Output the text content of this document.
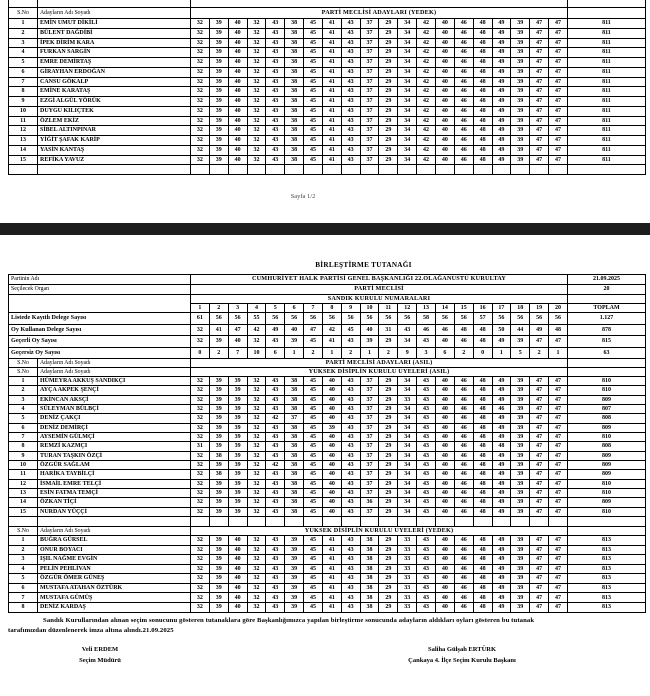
S.No	Adayların Adı Soyadı	PARTİ MECLİSİ ADAYLARI (YEDEK)																				
1	EMİN UMUT DİKİLİ	32	39	40	32	43	38	45	41	43	37	29	34	42	40	46	48	49	39	47	47	811
2	BÜLENT DAĞDİBİ	32	39	40	32	43	38	45	41	43	37	29	34	42	40	46	48	49	39	47	47	811
3	İPEK DİRİM KARA	32	39	40	32	43	38	45	41	43	37	29	34	42	40	46	48	49	39	47	47	811
4	FURKAN SARGİN	32	39	40	32	43	38	45	41	43	37	29	34	42	40	46	48	49	39	47	47	811
5	EMRE DEMİRTAŞ	32	39	40	32	43	38	45	41	43	37	29	34	42	40	46	48	49	39	47	47	811
6	GİRAYHAN ERDOĞAN	32	39	40	32	43	38	45	41	43	37	29	34	42	40	46	48	49	39	47	47	811
7	CANSU GÖKALP	32	39	40	32	43	38	45	41	43	37	29	34	42	40	46	48	49	39	47	47	811
8	EMİNE KARATAŞ	32	39	40	32	43	38	45	41	43	37	29	34	42	40	46	48	49	39	47	47	811
9	EZGİ ALGÜL YÖRÜK	32	39	40	32	43	38	45	41	43	37	29	34	42	40	46	48	49	39	47	47	811
10	DUYGU KILIÇTEK	32	39	40	32	43	38	45	41	43	37	29	34	42	40	46	48	49	39	47	47	811
11	ÖZLEM EKİZ	32	39	40	32	43	38	45	41	43	37	29	34	42	40	46	48	49	39	47	47	811
12	SİBEL ALTINPINAR	32	39	40	32	43	38	45	41	43	37	29	34	42	40	46	48	49	39	47	47	811
13	YİĞİT ŞAFAK KARİP	32	39	40	32	43	38	45	41	43	37	29	34	42	40	46	48	49	39	47	47	811
14	YASİN KANTAŞ	32	39	40	32	43	38	45	41	43	37	29	34	42	40	46	48	49	39	47	47	811
15	REFİKA YAVUZ	32	39	40	32	43	38	45	41	43	37	29	34	42	40	46	48	49	39	47	47	811

Sayfa 1/2
BİRLEŞTİRME TUTANAĞI
Partinin Adı		CUMHURİYET HALK PARTİSİ GENEL BAŞKANLIĞI 22.OLAĞANÜSTÜ KURULTAY																				21.09.2025
Seçilecek Organ		PARTİ MECLİSİ																				20
		SANDIK KURULU NUMARALARI																				
		1	2	3	4	5	6	7	8	9	10	11	12	13	14	15	16	17	18	19	20	TOPLAM
Listede Kayıtlı Delege Sayısı		61	56	56	55	56	56	56	56	56	56	56	56	58	56	56	57	56	56	56	56	1.127
Oy Kullanan Delege Sayısı		32	41	47	42	49	40	47	42	45	40	31	43	46	46	48	48	50	44	49	48	878
Geçerli Oy Sayısı		32	39	40	32	43	39	45	41	43	39	29	34	43	40	46	48	49	39	47	47	815
Geçersiz Oy Sayısı		0	2	7	10	6	1	2	1	2	1	2	9	3	6	2	0	1	5	2	1	63
S.No	Adayların Adı Soyadı	PARTİ MECLİSİ ADAYLARI (ASIL)																				
S.No	Adayların Adı Soyadı	YÜKSEK DİSİPLİN KURULU ÜYELERİ (ASIL)																				
1	HÜMEYRA AKKUŞ SANDIKÇI	32	39	39	32	43	38	45	40	43	37	29	34	43	40	46	48	49	39	47	47	810
2	AYÇA AKPEK ŞENÇİ	32	39	39	32	43	38	45	40	43	37	29	34	43	40	46	48	49	39	47	47	810
3	EKİNCAN AKSÇİ	32	39	39	32	43	38	45	40	43	37	29	33	43	40	46	48	49	39	47	47	809
4	SÜLEYMAN BÜLBÇİ	32	39	39	32	43	38	45	40	43	37	29	34	43	40	46	48	46	39	47	47	807
5	DENİZ ÇAKÇI	32	39	39	32	42	37	45	40	43	37	29	34	43	40	46	48	49	39	47	47	808
6	DENİZ DEMİRÇİ	32	39	39	32	43	38	45	39	43	37	29	34	43	40	46	48	49	39	47	47	809
7	AYSEMİN GÜLMÇİ	32	39	39	32	43	38	45	40	43	37	29	34	43	40	46	48	49	39	47	47	810
8	REMZİ KAZMÇI	31	39	39	32	43	38	45	40	43	37	29	34	43	40	46	48	48	39	47	47	808
9	TURAN TAŞKIN ÖZÇİ	32	38	39	32	43	38	45	40	43	37	29	34	43	40	46	48	49	39	47	47	809
10	ÖZGÜR SAĞLAM	32	39	39	32	42	38	45	40	43	37	29	34	43	40	46	48	49	39	47	47	809
11	HARİKA TAYBİLÇİ	32	38	39	32	43	38	45	40	43	37	29	34	43	40	46	48	49	39	47	47	809
12	İSMAİL EMRE TELÇİ	32	39	39	32	43	38	45	40	43	37	29	34	43	40	46	48	49	39	47	47	810
13	ESİN FATMA TEMÇİ	32	39	39	32	43	38	45	40	43	37	29	34	43	40	46	48	49	39	47	47	810
14	ÖZKAN TİÇİ	32	39	39	32	43	38	45	40	43	36	29	34	43	40	46	48	49	39	47	47	809
15	NURDAN YÜÇÇİ	32	39	39	32	43	38	45	40	43	37	29	34	43	40	46	48	49	39	47	47	810

S.No	Adayların Adı Soyadı	YÜKSEK DİSİPLİN KURULU ÜYELERİ (YEDEK)																				
1	BUĞRA GÜRSEL	32	39	40	32	43	39	45	41	43	38	29	33	43	40	46	48	49	39	47	47	813
2	ONUR BOYACI	32	39	40	32	43	39	45	41	43	38	29	33	43	40	46	48	49	39	47	47	813
3	IŞIL NAĞME EVGİN	32	39	40	32	43	39	45	41	43	38	29	33	43	40	46	48	49	39	47	47	813
4	PELİN PEHLİVAN	32	39	40	32	43	39	45	41	43	38	29	33	43	40	46	48	49	39	47	47	813
5	ÖZGÜR ÖMER GÜNEŞ	32	39	40	32	43	39	45	41	43	38	29	33	43	40	46	48	49	39	47	47	813
6	MUSTAFA ATAHAN ÖZTÜRK	32	39	40	32	43	39	45	41	43	38	29	33	43	40	46	48	49	39	47	47	813
7	MUSTAFA GÜMÜŞ	32	39	40	32	43	39	45	41	43	38	29	33	43	40	46	48	49	39	47	47	813
8	DENİZ KARDAŞ	32	39	40	32	43	39	45	41	43	38	29	33	43	40	46	48	49	39	47	47	813
Sandık Kurullarından alınan seçim sonucunu gösteren tutanaklara göre Başkanlığımızca yapılan birleştirme sonucunda adayların aldıkları oyları gösteren bu tutanak
tarafımızdan düzenlenerek imza altına alındı.21.09.2025
Veli ERDEM
Seçim Müdürü
Saliha Gülşah ERTÜRK
Çankaya 4. İlçe Seçim Kurulu Başkanı
